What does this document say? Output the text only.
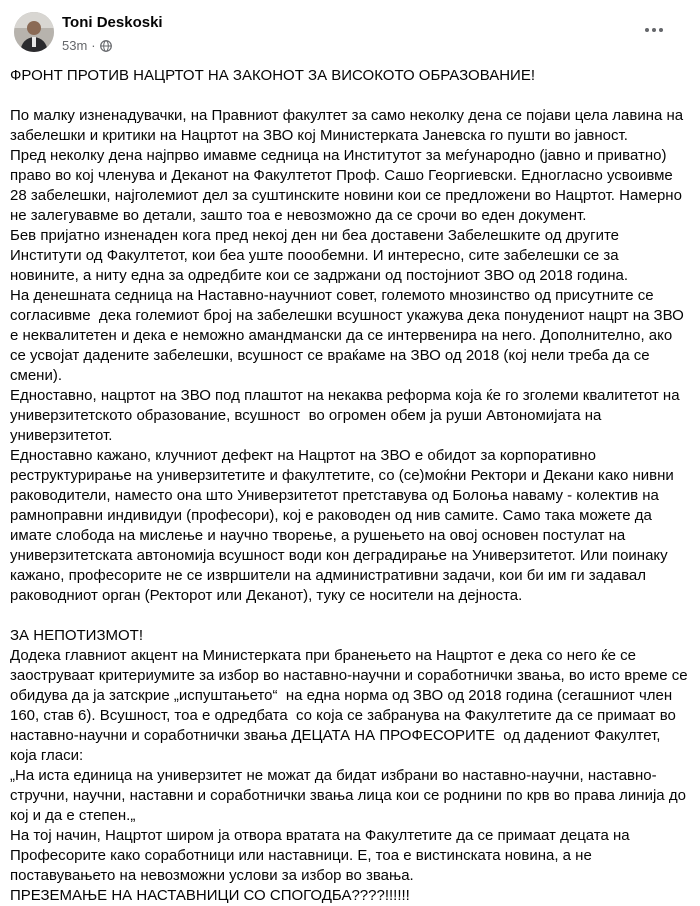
Toni Deskoski
53m ·

ФРОНТ ПРОТИВ НАЦРТОТ НА ЗАКОНОТ ЗА ВИСОКОТО ОБРАЗОВАНИЕ!

По малку изненадувачки, на Правниот факултет за само неколку дена се појави цела лавина на забелешки и критики на Нацртот на ЗВО кој Министерката Јаневска го пушти во јавност.

Пред неколку дена најпрво имавме седница на Институтот за меѓународно (јавно и приватно) право во кој членува и Деканот на Факултетот Проф. Сашо Георгиевски. Едногласно усвоивме 28 забелешки, најголемиот дел за суштинските новини кои се предложени во Нацртот. Намерно не залегувавме во детали, зашто тоа е невозможно да се срочи во еден документ.

Бев пријатно изненаден кога пред некој ден ни беа доставени Забелешките од другите Институти од Факултетот, кои беа уште поообемни. И интересно, сите забелешки се за новините, а ниту една за одредбите кои се задржани од постојниот ЗВО од 2018 година.

На денешната седница на Наставно-научниот совет, големото мнозинство од присутните се согласивме  дека големиот број на забелешки всушност укажува дека понудениот нацрт на ЗВО е неквалитетен и дека е неможно амандмански да се интервенира на него. Дополнително, ако се усвојат дадените забелешки, всушност се враќаме на ЗВО од 2018 (кој нели треба да се смени).

Едноставно, нацртот на ЗВО под плаштот на некаква реформа која ќе го зголеми квалитетот на универзитетското образование, всушност  во огромен обем ја руши Автономијата на универзитетот.

Едноставно кажано, клучниот дефект на Нацртот на ЗВО е обидот за корпоративно реструктурирање на универзитетите и факултетите, со (се)моќни Ректори и Декани како нивни раководители, наместо она што Универзитетот претставува од Болоња наваму - колектив на рамноправни индивидуи (професори), кој е раководен од нив самите. Само така можете да имате слобода на мислење и научно творење, а рушењето на овој основен постулат на универзитетската автономија всушност води кон деградирање на Универзитетот. Или поинаку кажано, професорите не се извршители на административни задачи, кои би им ги задавал раководниот орган (Ректорот или Деканот), туку се носители на дејноста.

ЗА НЕПОТИЗМОТ!

Додека главниот акцент на Министерката при бранењето на Нацртот е дека со него ќе се заоструваат критериумите за избор во наставно-научни и соработнички звања, во исто време се обидува да ја затскрие „испуштањето“  на една норма од ЗВО од 2018 година (сегашниот член 160, став 6). Всушност, тоа е одредбата  со која се забранува на Факултетите да се примаат во наставно-научни и соработнички звања ДЕЦАТА НА ПРОФЕСОРИТЕ  од дадениот Факултет, која гласи:

„На иста единица на универзитет не можат да бидат избрани во наставно-научни, наставно-стручни, научни, наставни и соработнички звања лица кои се роднини по крв во права линија до кој и да е степен.„

На тој начин, Нацртот широм ја отвора вратата на Факултетите да се примаат децата на Професорите како соработници или наставници. Е, тоа е вистинската новина, а не поставувањето на невозможни услови за избор во звања.

ПРЕЗЕМАЊЕ НА НАСТАВНИЦИ СО СПОГОДБА????!!!!!!
